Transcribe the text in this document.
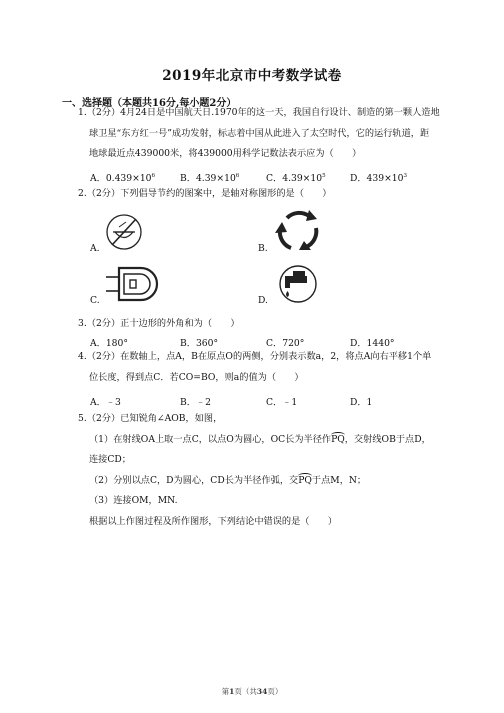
2019年北京市中考数学试卷
一、选择题（本题共16分,每小题2分）
1.（2分）4月24日是中国航天日.1970年的这一天，我国自行设计、制造的第一颗人造地
球卫星“东方红一号”成功发射，标志着中国从此进入了太空时代，它的运行轨道，距
地球最近点439000米，将439000用科学记数法表示应为（　　）
A．$0.439\times 10^6$	B．$4.39\times 10^6$	C．$4.39\times 10^5$	D．$439\times 10^3$
2.（2分）下列倡导节约的图案中，是轴对称图形的是（　　）
A.	B.
C.	D.
3.（2分）正十边形的外角和为（　　）
A．180°	B．360°	C．720°	D．1440°
4.（2分）在数轴上，点A，B在原点O的两侧，分别表示数a，2，将点A向右平移1个单
位长度，得到点C．若CO=BO，则a的值为（　　）
A．﹣3	B．﹣2	C．﹣1	D．1
5.（2分）已知锐角∠AOB，如图，
（1）在射线OA上取一点C，以点O为圆心，OC长为半径作PQ，交射线OB于点D，
连接CD；
（2）分别以点C，D为圆心，CD长为半径作弧，交PQ于点M，N；
（3）连接OM，MN.
根据以上作图过程及所作图形，下列结论中错误的是（　　）
第1页（共34页）
